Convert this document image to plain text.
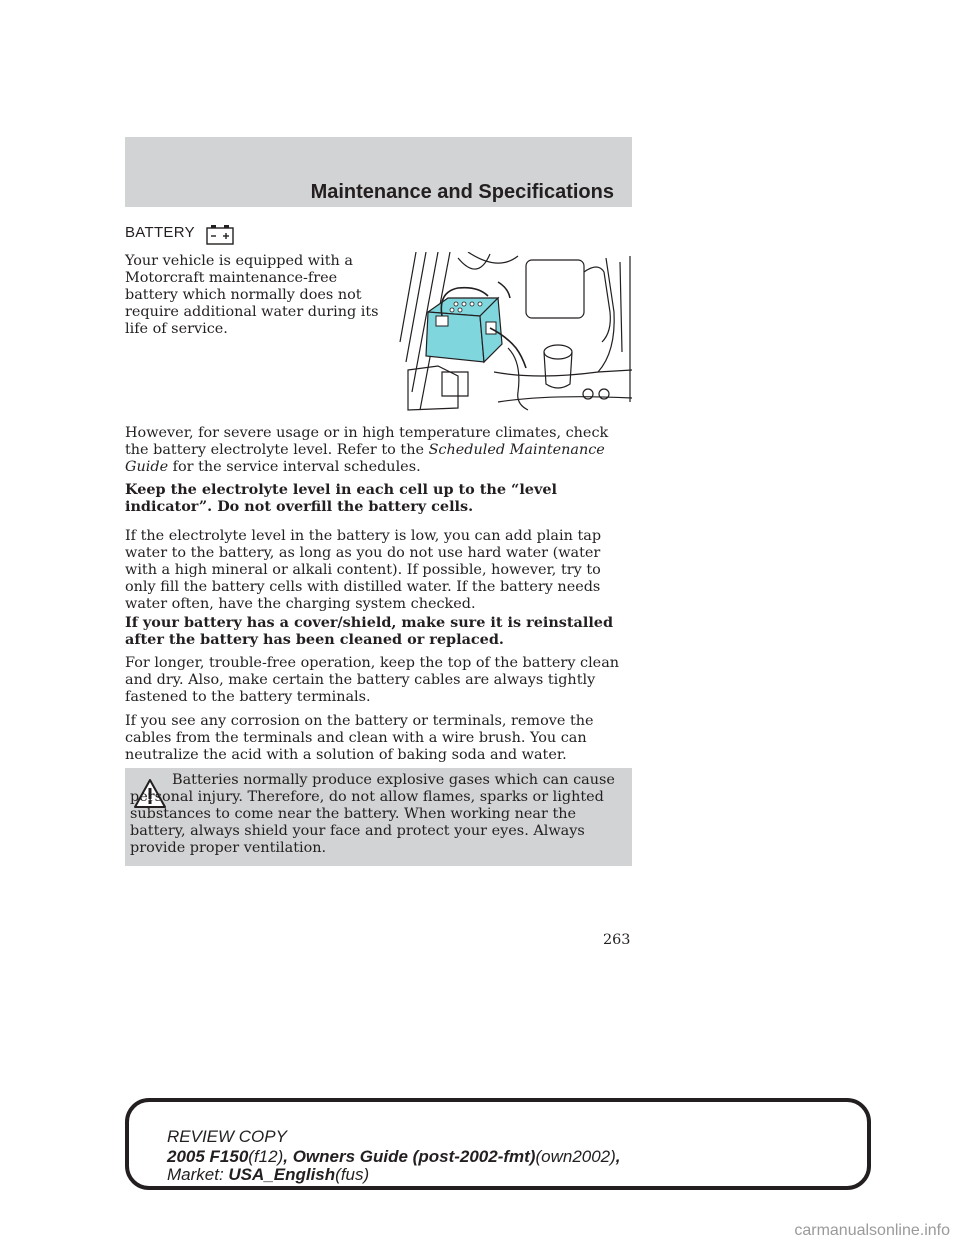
Maintenance and Specifications
BATTERY

Your vehicle is equipped with a Motorcraft maintenance-free battery which normally does not require additional water during its life of service.

However, for severe usage or in high temperature climates, check the battery electrolyte level. Refer to the Scheduled Maintenance Guide for the service interval schedules.

Keep the electrolyte level in each cell up to the “level indicator”. Do not overfill the battery cells.

If the electrolyte level in the battery is low, you can add plain tap water to the battery, as long as you do not use hard water (water with a high mineral or alkali content). If possible, however, try to only fill the battery cells with distilled water. If the battery needs water often, have the charging system checked.

If your battery has a cover/shield, make sure it is reinstalled after the battery has been cleaned or replaced.

For longer, trouble-free operation, keep the top of the battery clean and dry. Also, make certain the battery cables are always tightly fastened to the battery terminals.

If you see any corrosion on the battery or terminals, remove the cables from the terminals and clean with a wire brush. You can neutralize the acid with a solution of baking soda and water.

Batteries normally produce explosive gases which can cause personal injury. Therefore, do not allow flames, sparks or lighted substances to come near the battery. When working near the battery, always shield your face and protect your eyes. Always provide proper ventilation.

263

REVIEW COPY

2005 F150(f12), Owners Guide (post-2002-fmt)(own2002),

Market: USA_English(fus)

carmanualsonline.info
